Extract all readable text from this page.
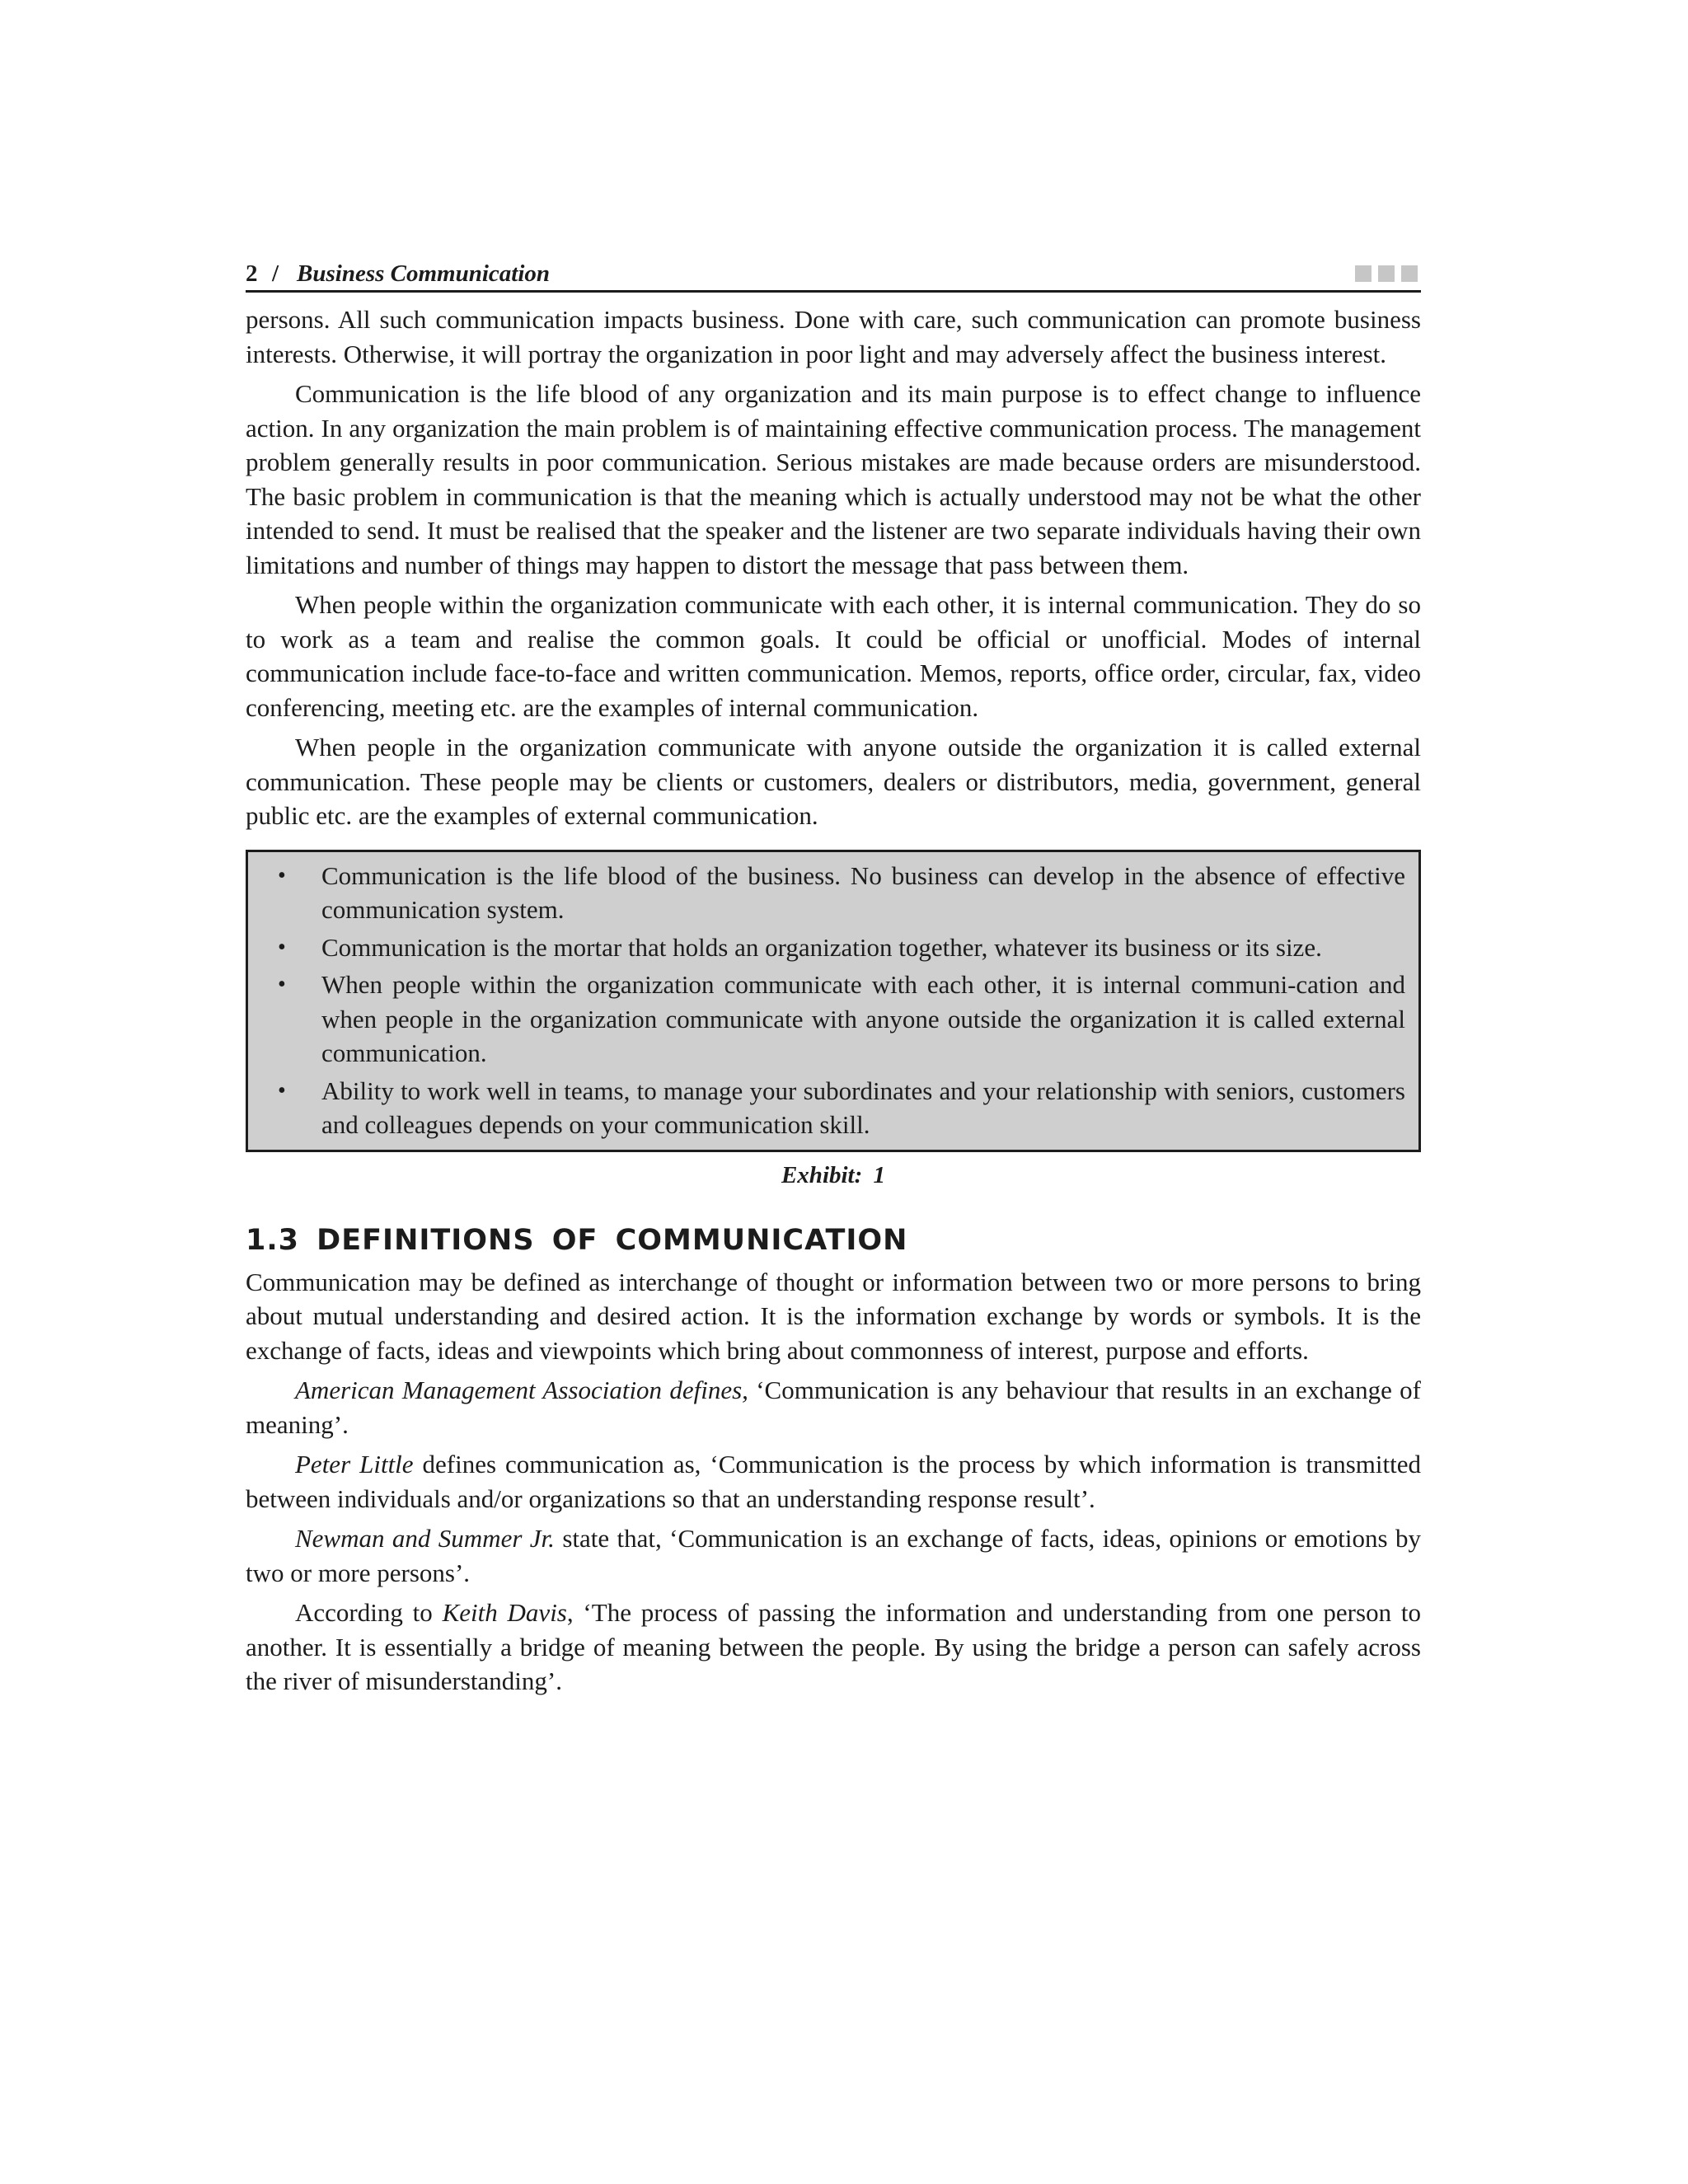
2 / Business Communication

persons. All such communication impacts business. Done with care, such communication can promote business interests. Otherwise, it will portray the organization in poor light and may adversely affect the business interest.

Communication is the life blood of any organization and its main purpose is to effect change to influence action. In any organization the main problem is of maintaining effective communication process. The management problem generally results in poor communication. Serious mistakes are made because orders are misunderstood. The basic problem in communication is that the meaning which is actually understood may not be what the other intended to send. It must be realised that the speaker and the listener are two separate individuals having their own limitations and number of things may happen to distort the message that pass between them.

When people within the organization communicate with each other, it is internal communication. They do so to work as a team and realise the common goals. It could be official or unofficial. Modes of internal communication include face-to-face and written communication. Memos, reports, office order, circular, fax, video conferencing, meeting etc. are the examples of internal communication.

When people in the organization communicate with anyone outside the organization it is called external communication. These people may be clients or customers, dealers or distributors, media, government, general public etc. are the examples of external communication.

• Communication is the life blood of the business. No business can develop in the absence of effective communication system.
• Communication is the mortar that holds an organization together, whatever its business or its size.
• When people within the organization communicate with each other, it is internal communi-cation and when people in the organization communicate with anyone outside the organization it is called external communication.
• Ability to work well in teams, to manage your subordinates and your relationship with seniors, customers and colleagues depends on your communication skill.
Exhibit: 1
1.3 DEFINITIONS OF COMMUNICATION

Communication may be defined as interchange of thought or information between two or more persons to bring about mutual understanding and desired action. It is the information exchange by words or symbols. It is the exchange of facts, ideas and viewpoints which bring about commonness of interest, purpose and efforts.

American Management Association defines, ‘Communication is any behaviour that results in an exchange of meaning’.

Peter Little defines communication as, ‘Communication is the process by which information is transmitted between individuals and/or organizations so that an understanding response result’.

Newman and Summer Jr. state that, ‘Communication is an exchange of facts, ideas, opinions or emotions by two or more persons’.

According to Keith Davis, ‘The process of passing the information and understanding from one person to another. It is essentially a bridge of meaning between the people. By using the bridge a person can safely across the river of misunderstanding’.
